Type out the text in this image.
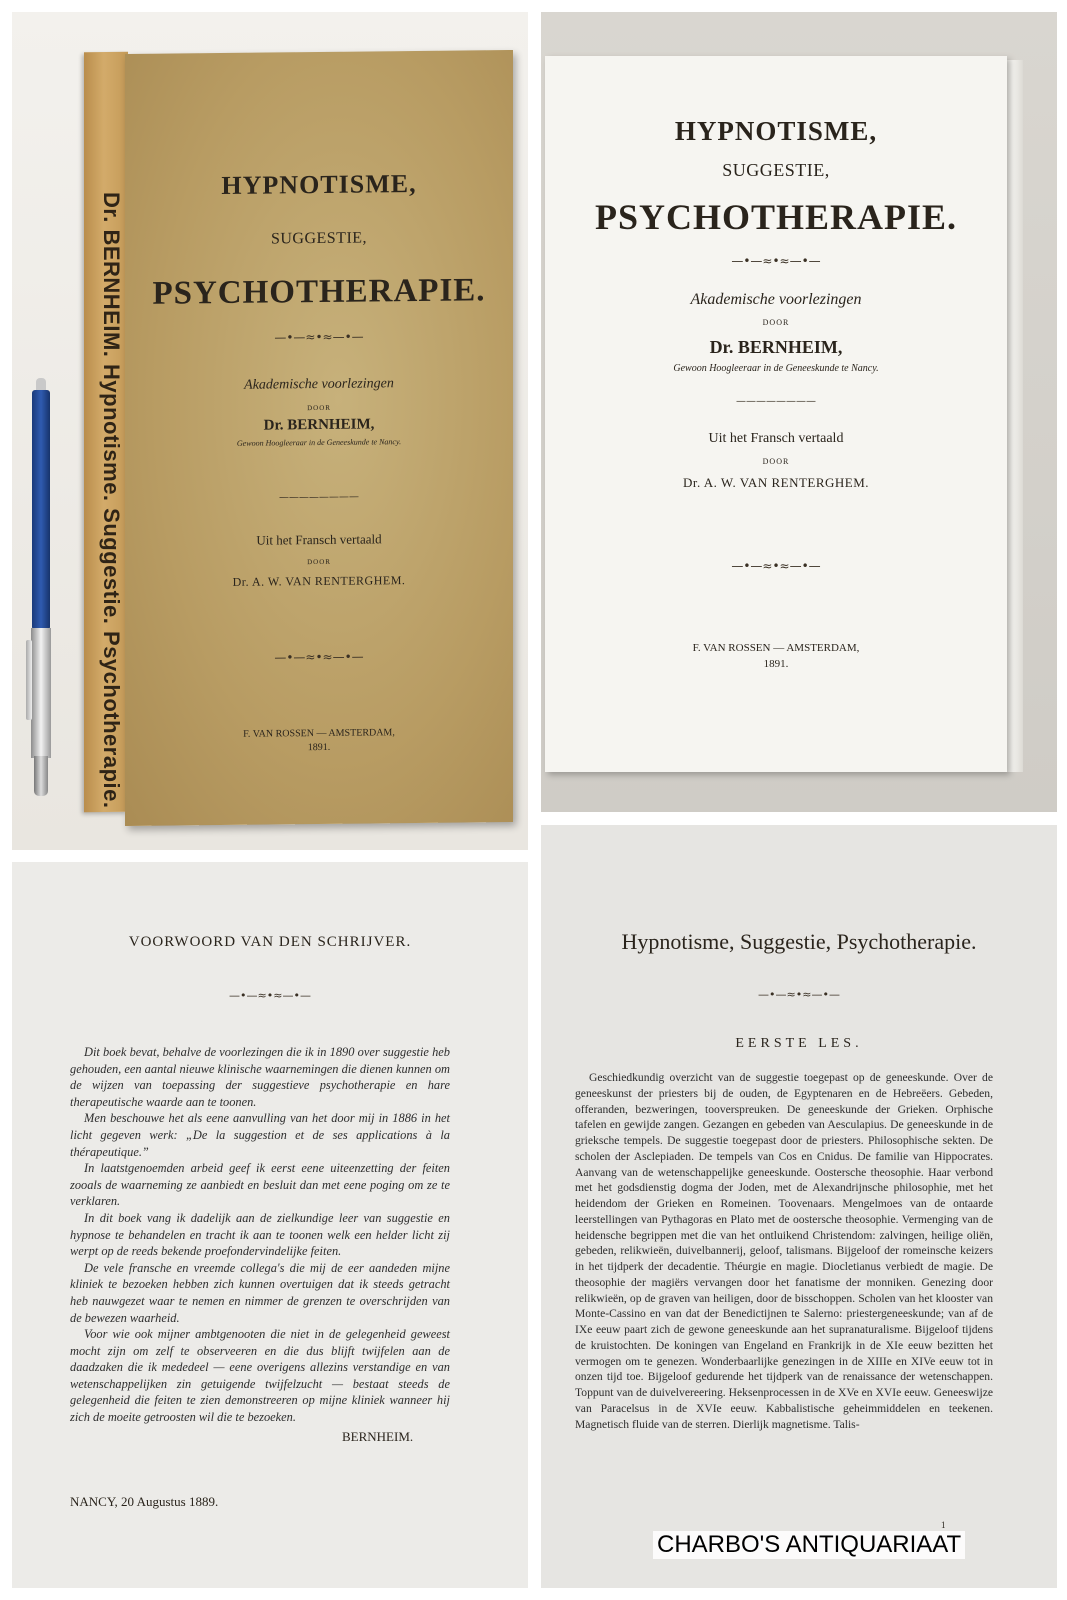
Dr. BERNHEIM. Hypnotisme. Suggestie. Psychotherapie.
HYPNOTISME,
SUGGESTIE,
PSYCHOTHERAPIE.
—•—≈•≈—•—
Akademische voorlezingen
DOOR
Dr. BERNHEIM,
Gewoon Hoogleeraar in de Geneeskunde te Nancy.
————————
Uit het Fransch vertaald
DOOR
Dr. A. W. VAN RENTERGHEM.
—•—≈•≈—•—
F. VAN ROSSEN — AMSTERDAM,
1891.
HYPNOTISME,
SUGGESTIE,
PSYCHOTHERAPIE.
—•—≈•≈—•—
Akademische voorlezingen
DOOR
Dr. BERNHEIM,
Gewoon Hoogleeraar in de Geneeskunde te Nancy.
————————
Uit het Fransch vertaald
DOOR
Dr. A. W. VAN RENTERGHEM.
—•—≈•≈—•—
F. VAN ROSSEN — AMSTERDAM,
1891.
VOORWOORD VAN DEN SCHRIJVER.
—•—≈•≈—•—

Dit boek bevat, behalve de voorlezingen die ik in 1890 over suggestie heb gehouden, een aantal nieuwe klinische waarnemingen die dienen kunnen om de wijzen van toepassing der suggestieve psychotherapie en hare therapeutische waarde aan te toonen.

Men beschouwe het als eene aanvulling van het door mij in 1886 in het licht gegeven werk: „De la suggestion et de ses applications à la thérapeutique.”

In laatstgenoemden arbeid geef ik eerst eene uiteenzetting der feiten zooals de waarneming ze aanbiedt en besluit dan met eene poging om ze te verklaren.

In dit boek vang ik dadelijk aan de zielkundige leer van suggestie en hypnose te behandelen en tracht ik aan te toonen welk een helder licht zij werpt op de reeds bekende proefondervindelijke feiten.

De vele fransche en vreemde collega's die mij de eer aandeden mijne kliniek te bezoeken hebben zich kunnen overtuigen dat ik steeds getracht heb nauwgezet waar te nemen en nimmer de grenzen te overschrijden van de bewezen waarheid.

Voor wie ook mijner ambtgenooten die niet in de gelegenheid geweest mocht zijn om zelf te observeeren en die dus blijft twijfelen aan de daadzaken die ik mededeel — eene overigens allezins verstandige en van wetenschappelijken zin getuigende twijfelzucht — bestaat steeds de gelegenheid die feiten te zien demonstreeren op mijne kliniek wanneer hij zich de moeite getroosten wil die te bezoeken.

BERNHEIM.
NANCY, 20 Augustus 1889.
Hypnotisme, Suggestie, Psychotherapie.
—•—≈•≈—•—
EERSTE LES.

Geschiedkundig overzicht van de suggestie toegepast op de geneeskunde. Over de geneeskunst der priesters bij de ouden, de Egyptenaren en de Hebreëers. Gebeden, offeranden, bezweringen, tooverspreuken. De geneeskunde der Grieken. Orphische tafelen en gewijde zangen. Gezangen en gebeden van Aesculapius. De geneeskunde in de grieksche tempels. De suggestie toegepast door de priesters. Philosophische sekten. De scholen der Asclepiaden. De tempels van Cos en Cnidus. De familie van Hippocrates. Aanvang van de wetenschappelijke geneeskunde. Oostersche theosophie. Haar verbond met het godsdienstig dogma der Joden, met de Alexandrijnsche philosophie, met het heidendom der Grieken en Romeinen. Toovenaars. Mengelmoes van de ontaarde leerstellingen van Pythagoras en Plato met de oostersche theosophie. Vermenging van de heidensche begrippen met die van het ontluikend Christendom: zalvingen, heilige oliën, gebeden, relikwieën, duivelbannerij, geloof, talismans. Bijgeloof der romeinsche keizers in het tijdperk der decadentie. Théurgie en magie. Diocletianus verbiedt de magie. De theosophie der magiërs vervangen door het fanatisme der monniken. Genezing door relikwieën, op de graven van heiligen, door de bisschoppen. Scholen van het klooster van Monte-Cassino en van dat der Benedictijnen te Salerno: priestergeneeskunde; van af de IXe eeuw paart zich de gewone geneeskunde aan het supranaturalisme. Bijgeloof tijdens de kruistochten. De koningen van Engeland en Frankrijk in de XIe eeuw bezitten het vermogen om te genezen. Wonderbaarlijke genezingen in de XIIIe en XIVe eeuw tot in onzen tijd toe. Bijgeloof gedurende het tijdperk van de renaissance der wetenschappen. Toppunt van de duivelvereering. Heksenprocessen in de XVe en XVIe eeuw. Geneeswijze van Paracelsus in de XVIe eeuw. Kabbalistische geheimmiddelen en teekenen. Magnetisch fluide van de sterren. Dierlijk magnetisme. Talis-

1
CHARBO'S ANTIQUARIAAT
